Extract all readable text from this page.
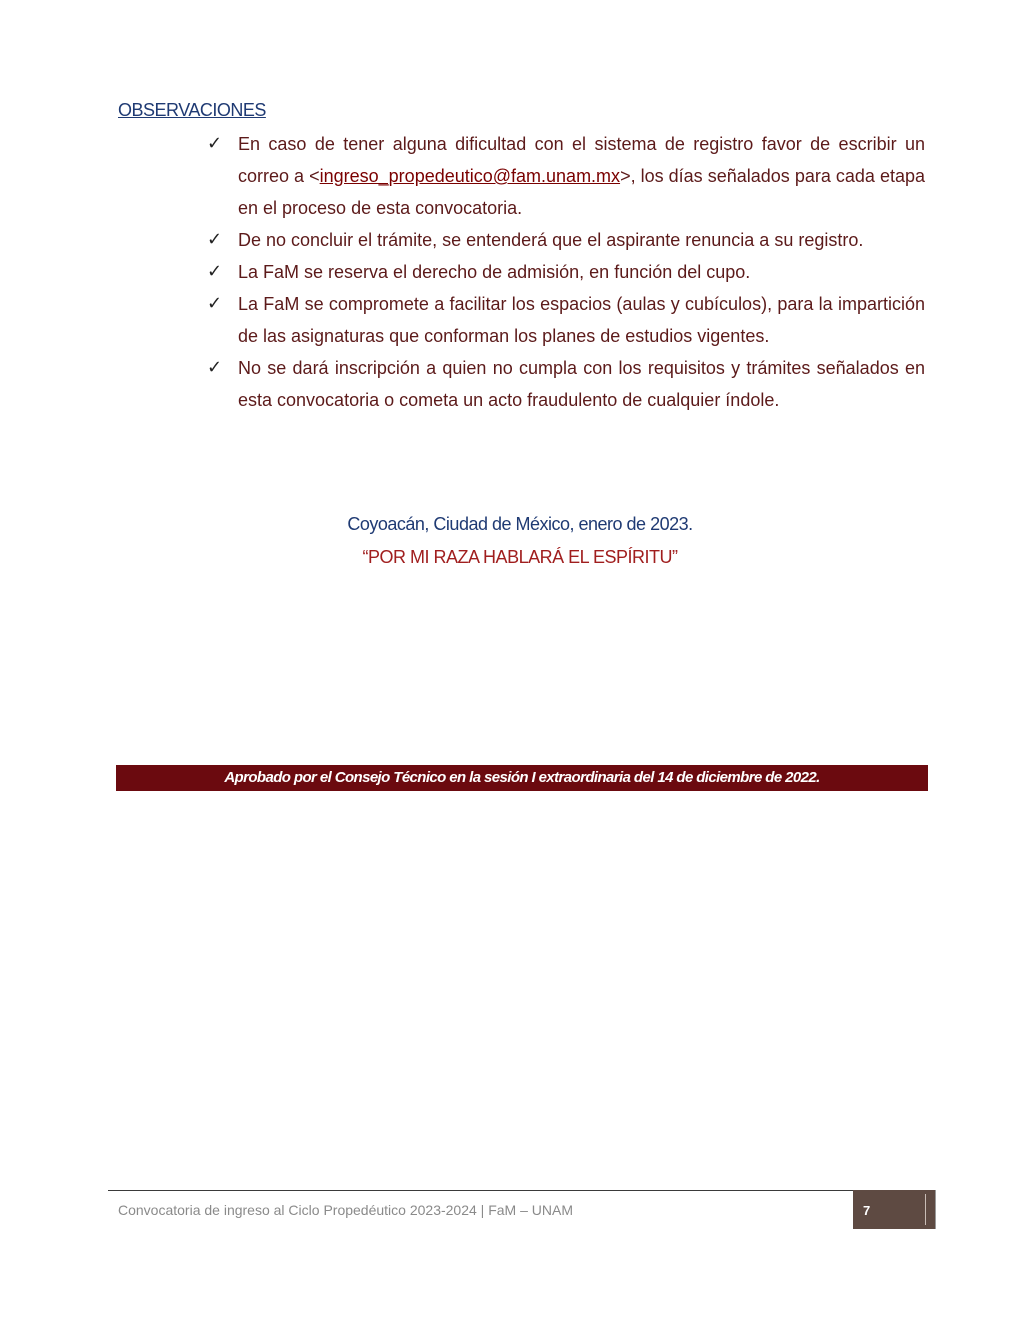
OBSERVACIONES
✓ En caso de tener alguna dificultad con el sistema de registro favor de escribir un correo a <ingreso_propedeutico@fam.unam.mx>, los días señalados para cada etapa en el proceso de esta convocatoria.
✓ De no concluir el trámite, se entenderá que el aspirante renuncia a su registro.
✓ La FaM se reserva el derecho de admisión, en función del cupo.
✓ La FaM se compromete a facilitar los espacios (aulas y cubículos), para la impartición de las asignaturas que conforman los planes de estudios vigentes.
✓ No se dará inscripción a quien no cumpla con los requisitos y trámites señalados en esta convocatoria o cometa un acto fraudulento de cualquier índole.

Coyoacán, Ciudad de México, enero de 2023.

“POR MI RAZA HABLARÁ EL ESPÍRITU”

Aprobado por el Consejo Técnico en la sesión I extraordinaria del 14 de diciembre de 2022.
Convocatoria de ingreso al Ciclo Propedéutico 2023-2024 | FaM – UNAM	7
